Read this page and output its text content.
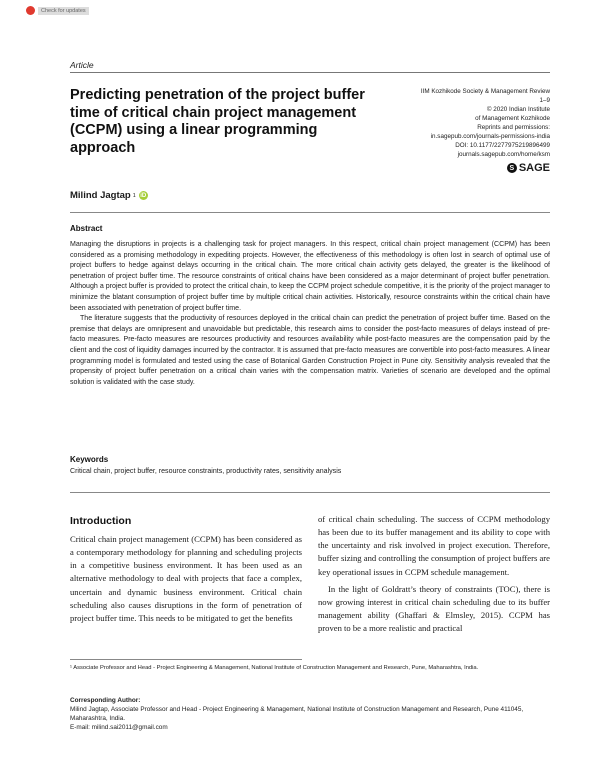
Check for updates
Article
Predicting penetration of the project buffer time of critical chain project management (CCPM) using a linear programming approach
IIM Kozhikode Society & Management Review
1–9
© 2020 Indian Institute
of Management Kozhikode
Reprints and permissions:
in.sagepub.com/journals-permissions-india
DOI: 10.1177/2277975219896499
journals.sagepub.com/home/ksm
S SAGE
Milind Jagtap 1 iD
Abstract

Managing the disruptions in projects is a challenging task for project managers. In this respect, critical chain project management (CCPM) has been considered as a promising methodology in expediting projects. However, the effectiveness of this methodology is often lost in search of optimal use of project buffers to hedge against delays occurring in the critical chain. The more critical chain activity gets delayed, the greater is the likelihood of penetration of project buffer time. The resource constraints of critical chains have been considered as a major determinant of project buffer penetration. Although a project buffer is provided to protect the critical chain, to keep the CCPM project schedule competitive, it is the priority of the project manager to minimize the blatant consumption of project buffer time by multiple critical chain activities. Historically, resource constraints within the critical chain have been associated with penetration of project buffer time.

The literature suggests that the productivity of resources deployed in the critical chain can predict the penetration of project buffer time. Based on the premise that delays are omnipresent and unavoidable but predictable, this research aims to consider the post-facto measures of delays instead of pre-facto measures. Pre-facto measures are resources productivity and resources availability while post-facto measures are the compensation paid by the client and the cost of liquidity damages incurred by the contractor. It is assumed that pre-facto measures are convertible into post-facto measures. A linear programming model is formulated and tested using the case of Botanical Garden Construction Project in Pune city. Sensitivity analysis revealed that the propensity of project buffer penetration on a critical chain varies with the compensation matrix. Varieties of scenario are developed and the optimal solution is validated with the case study.

Keywords
Critical chain, project buffer, resource constraints, productivity rates, sensitivity analysis
Introduction

Critical chain project management (CCPM) has been considered as a contemporary methodology for planning and scheduling projects in a competitive business environment. It has been used as an alternative methodology to deal with projects that face a complex, uncertain and dynamic business environment. Critical chain scheduling also causes disruptions in the form of penetration of project buffer time. This needs to be mitigated to get the benefits

of critical chain scheduling. The success of CCPM methodology has been due to its buffer management and its ability to cope with the uncertainty and risk involved in project execution. Therefore, buffer sizing and controlling the consumption of project buffers are key operational issues in CCPM schedule management.

In the light of Goldratt’s theory of constraints (TOC), there is now growing interest in critical chain scheduling due to its buffer management ability (Ghaffari & Elmsley, 2015). CCPM has proven to be a more realistic and practical

¹ Associate Professor and Head - Project Engineering & Management, National Institute of Construction Management and Research, Pune, Maharashtra, India.
Corresponding Author:
Milind Jagtap, Associate Professor and Head - Project Engineering & Management, National Institute of Construction Management and Research, Pune 411045, Maharashtra, India.
E-mail: milind.sai2011@gmail.com
